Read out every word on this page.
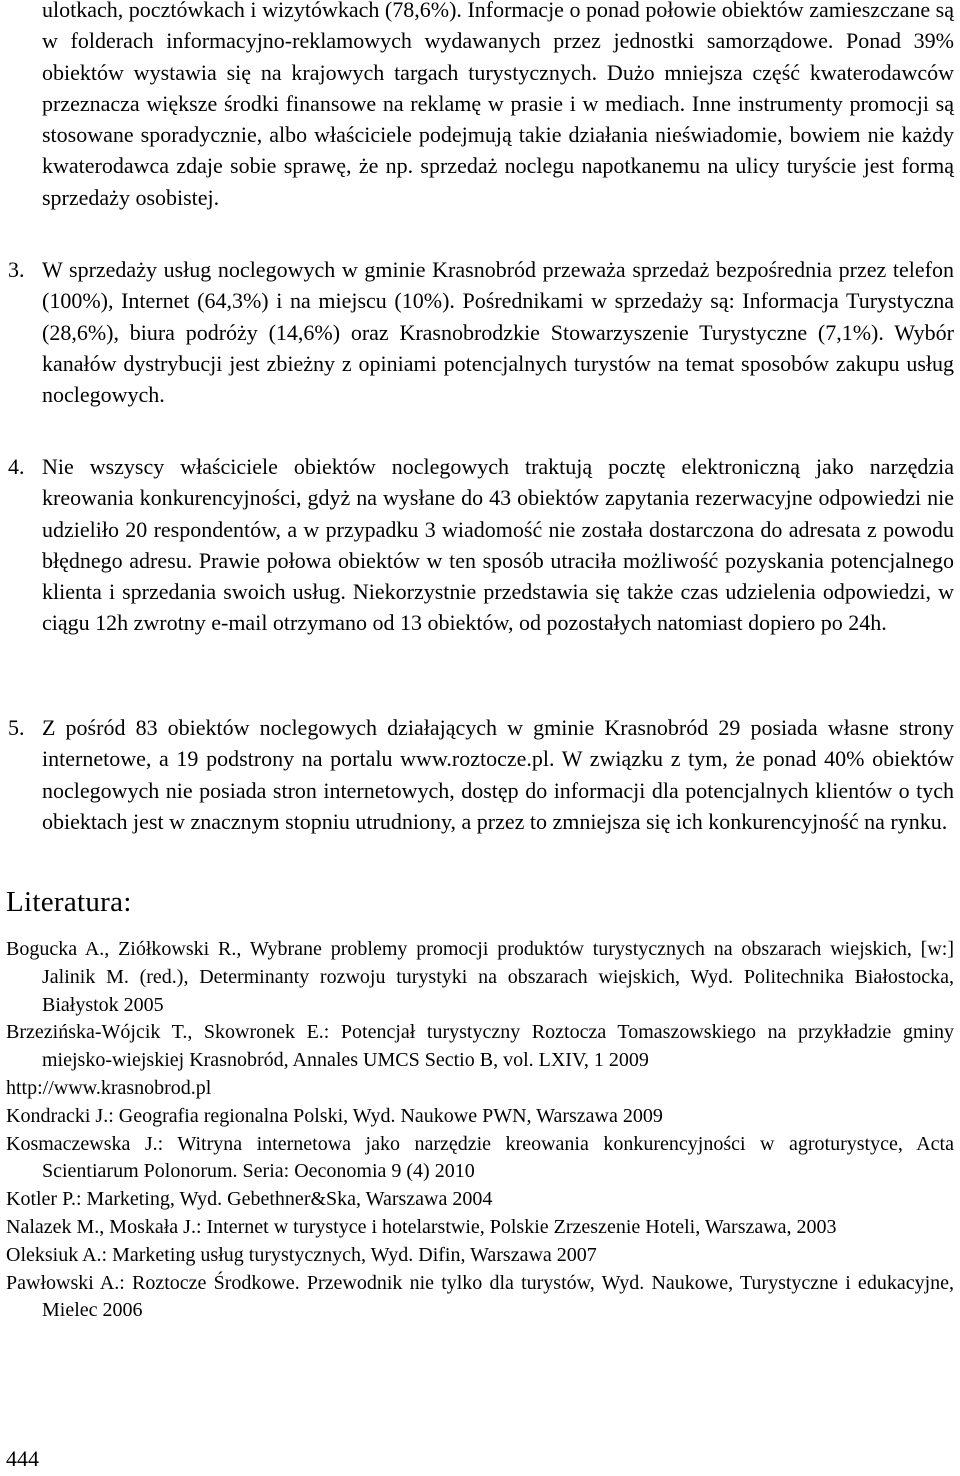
ulotkach, pocztówkach i wizytówkach (78,6%). Informacje o ponad połowie obiektów zamieszczane są w folderach informacyjno-reklamowych wydawanych przez jednostki samorządowe. Ponad 39% obiektów wystawia się na krajowych targach turystycznych. Dużo mniejsza część kwaterodawców przeznacza większe środki finansowe na reklamę w prasie i w mediach. Inne instrumenty promocji są stosowane sporadycznie, albo właściciele podejmują takie działania nieświadomie, bowiem nie każdy kwaterodawca zdaje sobie sprawę, że np. sprzedaż noclegu napotkanemu na ulicy turyście jest formą sprzedaży osobistej.

3. W sprzedaży usług noclegowych w gminie Krasnobród przeważa sprzedaż bezpośrednia przez telefon (100%), Internet (64,3%) i na miejscu (10%). Pośrednikami w sprzedaży są: Informacja Turystyczna (28,6%), biura podróży (14,6%) oraz Krasnobrodzkie Stowarzyszenie Turystyczne (7,1%). Wybór kanałów dystrybucji jest zbieżny z opiniami potencjalnych turystów na temat sposobów zakupu usług noclegowych.

4. Nie wszyscy właściciele obiektów noclegowych traktują pocztę elektroniczną jako narzędzia kreowania konkurencyjności, gdyż na wysłane do 43 obiektów zapytania rezerwacyjne odpowiedzi nie udzieliło 20 respondentów, a w przypadku 3 wiadomość nie została dostarczona do adresata z powodu błędnego adresu. Prawie połowa obiektów w ten sposób utraciła możliwość pozyskania potencjalnego klienta i sprzedania swoich usług. Niekorzystnie przedstawia się także czas udzielenia odpowiedzi, w ciągu 12h zwrotny e-mail otrzymano od 13 obiektów, od pozostałych natomiast dopiero po 24h.

5. Z pośród 83 obiektów noclegowych działających w gminie Krasnobród 29 posiada własne strony internetowe, a 19 podstrony na portalu www.roztocze.pl. W związku z tym, że ponad 40% obiektów noclegowych nie posiada stron internetowych, dostęp do informacji dla potencjalnych klientów o tych obiektach jest w znacznym stopniu utrudniony, a przez to zmniejsza się ich konkurencyjność na rynku.

Literatura:
Bogucka A., Ziółkowski R., Wybrane problemy promocji produktów turystycznych na obszarach wiejskich, [w:] Jalinik M. (red.), Determinanty rozwoju turystyki na obszarach wiejskich, Wyd. Politechnika Białostocka, Białystok 2005
Brzezińska-Wójcik T., Skowronek E.: Potencjał turystyczny Roztocza Tomaszowskiego na przykładzie gminy miejsko-wiejskiej Krasnobród, Annales UMCS Sectio B, vol. LXIV, 1 2009
http://www.krasnobrod.pl
Kondracki J.: Geografia regionalna Polski, Wyd. Naukowe PWN, Warszawa 2009
Kosmaczewska J.: Witryna internetowa jako narzędzie kreowania konkurencyjności w agroturystyce, Acta Scientiarum Polonorum. Seria: Oeconomia 9 (4) 2010
Kotler P.: Marketing, Wyd. Gebethner&Ska, Warszawa 2004
Nalazek M., Moskała J.: Internet w turystyce i hotelarstwie, Polskie Zrzeszenie Hoteli, Warszawa, 2003
Oleksiuk A.: Marketing usług turystycznych, Wyd. Difin, Warszawa 2007
Pawłowski A.: Roztocze Środkowe. Przewodnik nie tylko dla turystów, Wyd. Naukowe, Turystyczne i edukacyjne, Mielec 2006

444
